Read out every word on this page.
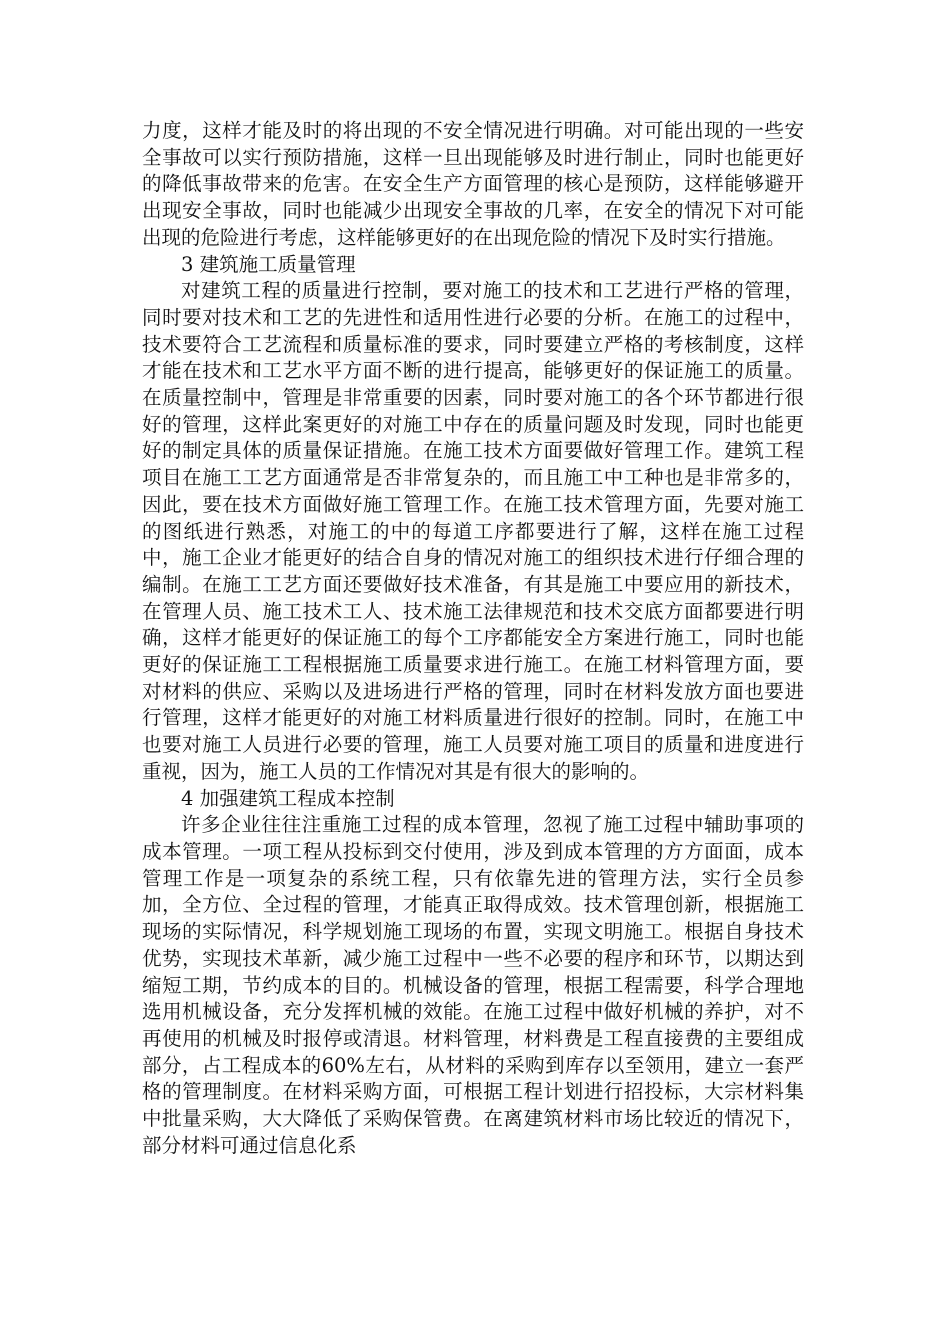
力度，这样才能及时的将出现的不安全情况进行明确。对可能出现的一些安全事故可以实行预防措施，这样一旦出现能够及时进行制止，同时也能更好的降低事故带来的危害。在安全生产方面管理的核心是预防，这样能够避开出现安全事故，同时也能减少出现安全事故的几率，在安全的情况下对可能出现的危险进行考虑，这样能够更好的在出现危险的情况下及时实行措施。

3 建筑施工质量管理

对建筑工程的质量进行控制，要对施工的技术和工艺进行严格的管理，同时要对技术和工艺的先进性和适用性进行必要的分析。在施工的过程中，技术要符合工艺流程和质量标准的要求，同时要建立严格的考核制度，这样才能在技术和工艺水平方面不断的进行提高，能够更好的保证施工的质量。在质量控制中，管理是非常重要的因素，同时要对施工的各个环节都进行很好的管理，这样此案更好的对施工中存在的质量问题及时发现，同时也能更好的制定具体的质量保证措施。在施工技术方面要做好管理工作。建筑工程项目在施工工艺方面通常是否非常复杂的，而且施工中工种也是非常多的，因此，要在技术方面做好施工管理工作。在施工技术管理方面，先要对施工的图纸进行熟悉，对施工的中的每道工序都要进行了解，这样在施工过程中，施工企业才能更好的结合自身的情况对施工的组织技术进行仔细合理的编制。在施工工艺方面还要做好技术准备，有其是施工中要应用的新技术，在管理人员、施工技术工人、技术施工法律规范和技术交底方面都要进行明确，这样才能更好的保证施工的每个工序都能安全方案进行施工，同时也能更好的保证施工工程根据施工质量要求进行施工。在施工材料管理方面，要对材料的供应、采购以及进场进行严格的管理，同时在材料发放方面也要进行管理，这样才能更好的对施工材料质量进行很好的控制。同时，在施工中也要对施工人员进行必要的管理，施工人员要对施工项目的质量和进度进行重视，因为，施工人员的工作情况对其是有很大的影响的。

4 加强建筑工程成本控制

许多企业往往注重施工过程的成本管理，忽视了施工过程中辅助事项的成本管理。一项工程从投标到交付使用，涉及到成本管理的方方面面，成本管理工作是一项复杂的系统工程，只有依靠先进的管理方法，实行全员参加，全方位、全过程的管理，才能真正取得成效。技术管理创新，根据施工现场的实际情况，科学规划施工现场的布置，实现文明施工。根据自身技术优势，实现技术革新，减少施工过程中一些不必要的程序和环节，以期达到缩短工期，节约成本的目的。机械设备的管理，根据工程需要，科学合理地选用机械设备，充分发挥机械的效能。在施工过程中做好机械的养护，对不再使用的机械及时报停或清退。材料管理，材料费是工程直接费的主要组成部分，占工程成本的60%左右，从材料的采购到库存以至领用，建立一套严格的管理制度。在材料采购方面，可根据工程计划进行招投标，大宗材料集中批量采购，大大降低了采购保管费。在离建筑材料市场比较近的情况下，部分材料可通过信息化系
